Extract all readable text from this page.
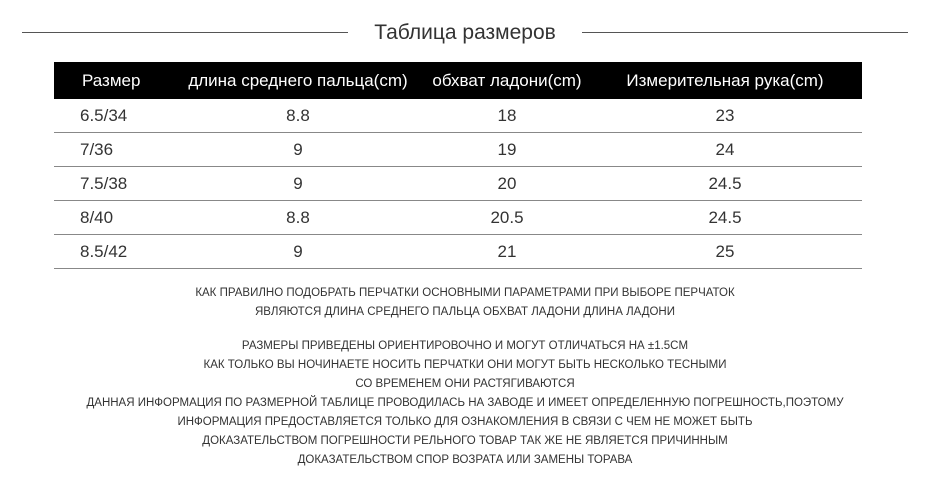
Таблица размеров
Размер	длина среднего пальца(cm)	обхват ладони(cm)	Измерительная рука(cm)
6.5/34	8.8	18	23
7/36	9	19	24
7.5/38	9	20	24.5
8/40	8.8	20.5	24.5
8.5/42	9	21	25

КАК ПРАВИЛНО ПОДОБРАТЬ ПЕРЧАТКИ ОСНОВНЫМИ ПАРАМЕТРАМИ ПРИ ВЫБОРЕ ПЕРЧАТОК

ЯВЛЯЮТСЯ ДЛИНА СРЕДНЕГО ПАЛЬЦА ОБХВАТ ЛАДОНИ ДЛИНА ЛАДОНИ

РАЗМЕРЫ ПРИВЕДЕНЫ ОРИЕНТИРОВОЧНО И МОГУТ ОТЛИЧАТЬСЯ НА ±1.5CM

КАК ТОЛЬКО ВЫ НОЧИНАЕТЕ НОСИТЬ ПЕРЧАТКИ ОНИ МОГУТ БЫТЬ НЕСКОЛЬКО ТЕСНЫМИ

СО ВРЕМЕНЕМ ОНИ РАСТЯГИВАЮТСЯ

ДАННАЯ ИНФОРМАЦИЯ ПО РАЗМЕРНОЙ ТАБЛИЦЕ ПРОВОДИЛАСЬ НА ЗАВОДЕ И ИМЕЕТ ОПРЕДЕЛЕННУЮ ПОГРЕШНОСТЬ,ПОЭТОМУ

ИНФОРМАЦИЯ ПРЕДОСТАВЛЯЕТСЯ ТОЛЬКО ДЛЯ ОЗНАКОМЛЕНИЯ В СВЯЗИ С ЧЕМ НЕ МОЖЕТ БЫТЬ

ДОКАЗАТЕЛЬСТВОМ ПОГРЕШНОСТИ РЕЛЬНОГО ТОВАР ТАК ЖЕ НЕ ЯВЛЯЕТСЯ ПРИЧИННЫМ

ДОКАЗАТЕЛЬСТВОМ СПОР ВОЗРАТА ИЛИ ЗАМЕНЫ ТОРАВА
